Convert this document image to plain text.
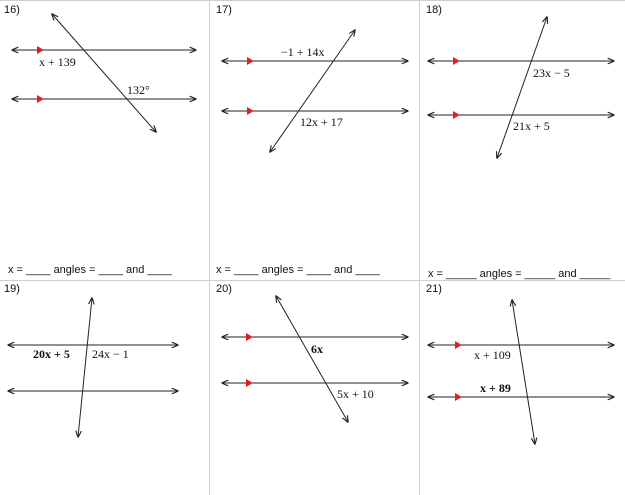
16)	17)	18)
19)	20)	21)
x + 139
132°
−1 + 14x
12x + 17
23x − 5
21x + 5
20x + 5 24x − 1	6x
5x + 10
x + 109
x + 89
x = ____ angles = ____ and ____	x = ____ angles = ____ and ____	x = _____ angles = _____ and _____
